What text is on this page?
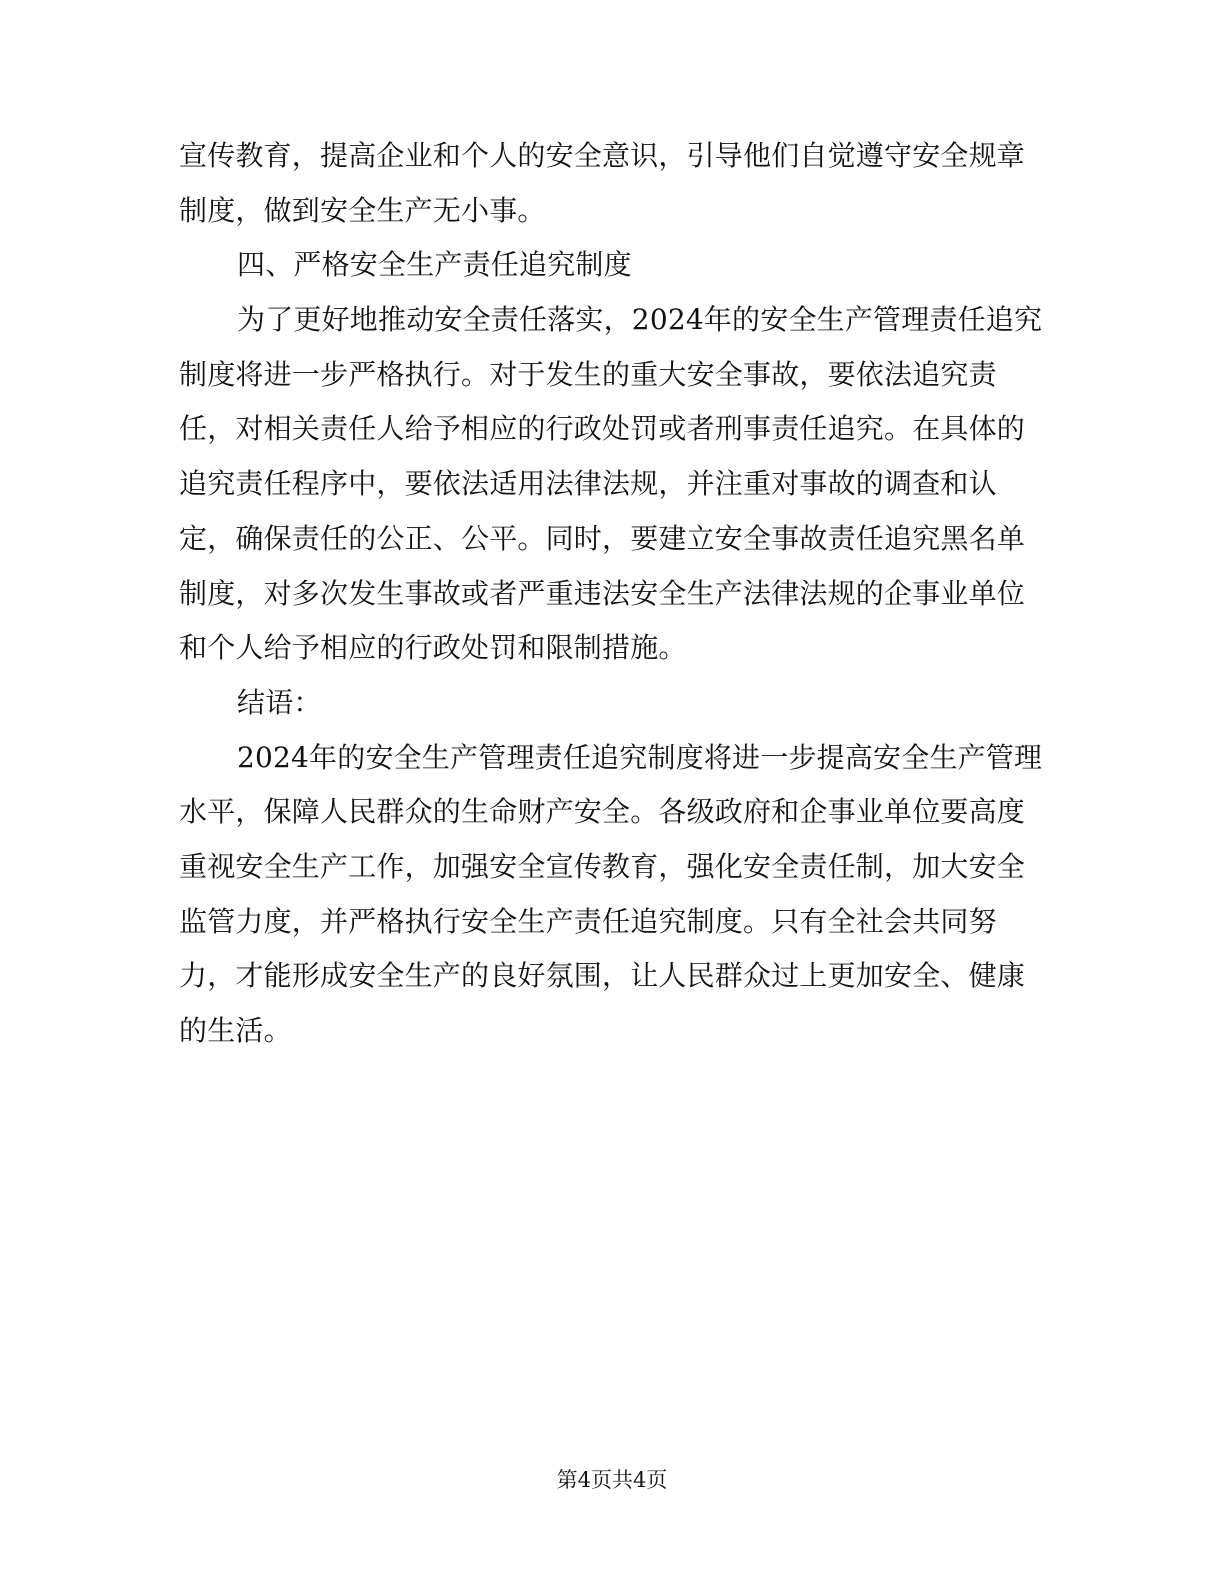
宣传教育，提高企业和个人的安全意识，引导他们自觉遵守安全规章
制度，做到安全生产无小事。
四、严格安全生产责任追究制度
为了更好地推动安全责任落实，2024年的安全生产管理责任追究
制度将进一步严格执行。对于发生的重大安全事故，要依法追究责
任，对相关责任人给予相应的行政处罚或者刑事责任追究。在具体的
追究责任程序中，要依法适用法律法规，并注重对事故的调查和认
定，确保责任的公正、公平。同时，要建立安全事故责任追究黑名单
制度，对多次发生事故或者严重违法安全生产法律法规的企事业单位
和个人给予相应的行政处罚和限制措施。
结语：
2024年的安全生产管理责任追究制度将进一步提高安全生产管理
水平，保障人民群众的生命财产安全。各级政府和企事业单位要高度
重视安全生产工作，加强安全宣传教育，强化安全责任制，加大安全
监管力度，并严格执行安全生产责任追究制度。只有全社会共同努
力，才能形成安全生产的良好氛围，让人民群众过上更加安全、健康
的生活。
第4页共4页
